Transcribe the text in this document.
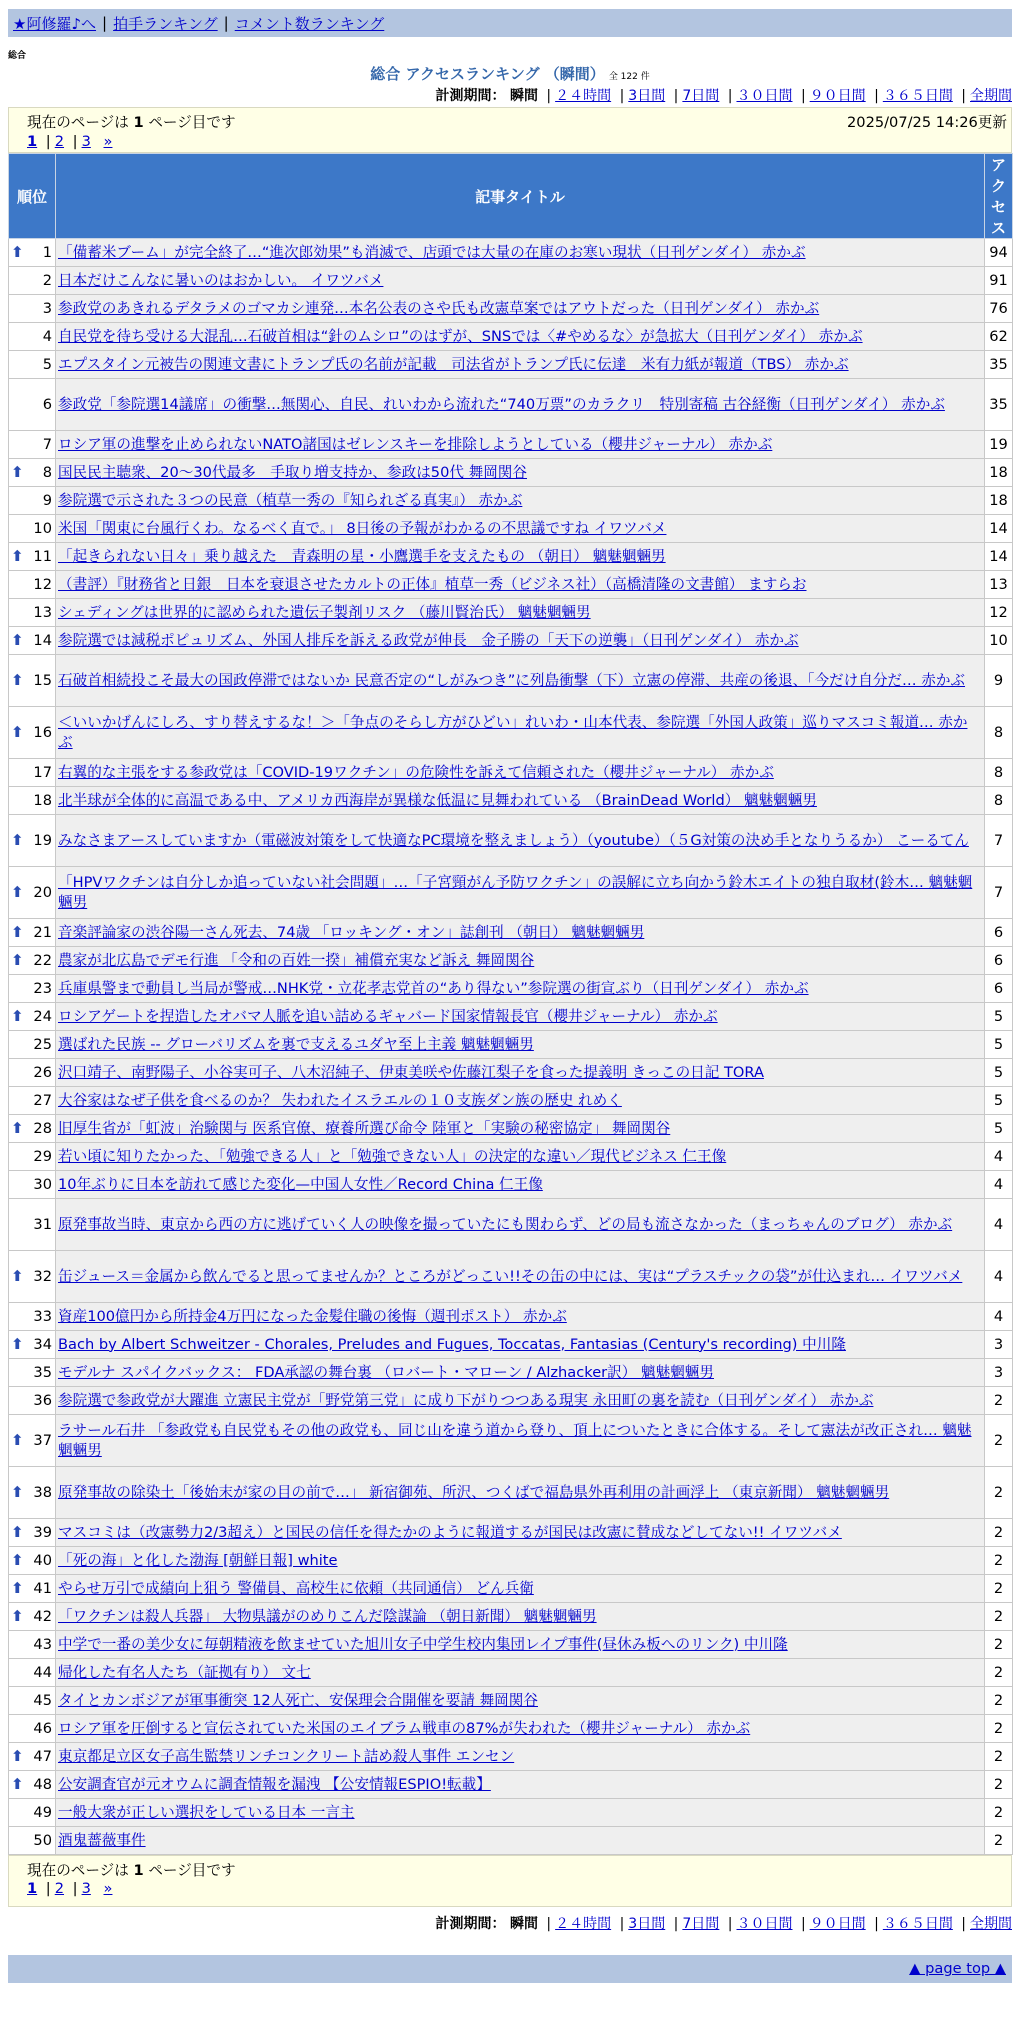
★阿修羅♪へ | 拍手ランキング | コメント数ランキング
総合
総合 アクセスランキング （瞬間） 全 122 件
計測期間： 瞬間 | ２４時間 | 3日間 | 7日間 | ３０日間 | ９０日間 | ３６５日間 | 全期間
現在のページは 1 ページ目です	2025/07/25 14:26更新
1 | 2 | 3 »
順位	記事タイトル	アクセス

⬆ 1	「備蓄米ブーム」が完全終了…“進次郎効果”も消滅で、店頭では大量の在庫のお寒い現状（日刊ゲンダイ） 赤かぶ	94
2	日本だけこんなに暑いのはおかしい。 イワツバメ	91
3	参政党のあきれるデタラメのゴマカシ連発…本名公表のさや氏も改憲草案ではアウトだった（日刊ゲンダイ） 赤かぶ	76
4	自民党を待ち受ける大混乱…石破首相は“針のムシロ”のはずが、SNSでは〈#やめるな〉が急拡大（日刊ゲンダイ） 赤かぶ	62
5	エプスタイン元被告の関連文書にトランプ氏の名前が記載　司法省がトランプ氏に伝達　米有力紙が報道（TBS） 赤かぶ	35
6	参政党「参院選14議席」の衝撃…無関心、自民、れいわから流れた“740万票”のカラクリ　特別寄稿 古谷経衡（日刊ゲンダイ） 赤かぶ	35
7	ロシア軍の進撃を止められないNATO諸国はゼレンスキーを排除しようとしている（櫻井ジャーナル） 赤かぶ	19

⬆ 8	国民民主聴衆、20～30代最多　手取り増支持か、参政は50代 舞岡関谷	18
9	参院選で示された３つの民意（植草一秀の『知られざる真実』） 赤かぶ	18
10	米国「関東に台風行くわ。なるべく直で。」 8日後の予報がわかるの不思議ですね イワツバメ	14

⬆ 11	「起きられない日々」乗り越えた　青森明の星・小鷹選手を支えたもの （朝日） 魑魅魍魎男	14
12	（書評）『財務省と日銀　日本を衰退させたカルトの正体』植草一秀（ビジネス社）（高橋清隆の文書館） ますらお	13
13	シェディングは世界的に認められた遺伝子製剤リスク （藤川賢治氏） 魑魅魍魎男	12

⬆ 14	参院選では減税ポピュリズム、外国人排斥を訴える政党が伸長　金子勝の「天下の逆襲」（日刊ゲンダイ） 赤かぶ	10

⬆ 15	石破首相続投こそ最大の国政停滞ではないか 民意否定の“しがみつき”に列島衝撃（下）立憲の停滞、共産の後退、「今だけ自分だ… 赤かぶ	9

⬆ 16	＜いいかげんにしろ、すり替えするな！＞「争点のそらし方がひどい」れいわ・山本代表、参院選「外国人政策」巡りマスコミ報道… 赤かぶ	8
17	右翼的な主張をする参政党は「COVID-19ワクチン」の危険性を訴えて信頼された（櫻井ジャーナル） 赤かぶ	8
18	北半球が全体的に高温である中、アメリカ西海岸が異様な低温に見舞われている （BrainDead World） 魑魅魍魎男	8

⬆ 19	みなさまアースしていますか（電磁波対策をして快適なPC環境を整えましょう）（youtube）（５G対策の決め手となりうるか） こーるてん	7

⬆ 20	「HPVワクチンは自分しか追っていない社会問題」…「子宮頸がん予防ワクチン」の誤解に立ち向かう鈴木エイトの独自取材(鈴木… 魑魅魍魎男	7

⬆ 21	音楽評論家の渋谷陽一さん死去、74歳 「ロッキング・オン」誌創刊 （朝日） 魑魅魍魎男	6

⬆ 22	農家が北広島でデモ行進 「令和の百姓一揆」補償充実など訴え 舞岡関谷	6
23	兵庫県警まで動員し当局が警戒…NHK党・立花孝志党首の“あり得ない”参院選の街宣ぶり（日刊ゲンダイ） 赤かぶ	6

⬆ 24	ロシアゲートを捏造したオバマ人脈を追い詰めるギャバード国家情報長官（櫻井ジャーナル） 赤かぶ	5
25	選ばれた民族 -- グローバリズムを裏で支えるユダヤ至上主義 魑魅魍魎男	5
26	沢口靖子、南野陽子、小谷実可子、八木沼純子、伊東美咲や佐藤江梨子を食った提義明 きっこの日記 TORA	5
27	大谷家はなぜ子供を食べるのか？ 失われたイスラエルの１０支族ダン族の歴史 れめく	5

⬆ 28	旧厚生省が「虹波」治験関与 医系官僚、療養所選び命令 陸軍と「実験の秘密協定」 舞岡関谷	5
29	若い頃に知りたかった、「勉強できる人」と「勉強できない人」の決定的な違い／現代ビジネス 仁王像	4
30	10年ぶりに日本を訪れて感じた変化—中国人女性／Record China 仁王像	4
31	原発事故当時、東京から西の方に逃げていく人の映像を撮っていたにも関わらず、どの局も流さなかった（まっちゃんのブログ） 赤かぶ	4

⬆ 32	缶ジュース＝金属から飲んでると思ってませんか？ところがどっこい!!その缶の中には、実は“プラスチックの袋”が仕込まれ… イワツバメ	4
33	資産100億円から所持金4万円になった金髪住職の後悔（週刊ポスト） 赤かぶ	4

⬆ 34	Bach by Albert Schweitzer - Chorales, Preludes and Fugues, Toccatas, Fantasias (Century's recording) 中川隆	3
35	モデルナ スパイクバックス： FDA承認の舞台裏 （ロバート・マローン / Alzhacker訳） 魑魅魍魎男	3
36	参院選で参政党が大躍進 立憲民主党が「野党第三党」に成り下がりつつある現実 永田町の裏を読む（日刊ゲンダイ） 赤かぶ	2

⬆ 37	ラサール石井 「参政党も自民党もその他の政党も、同じ山を違う道から登り、頂上についたときに合体する。そして憲法が改正され… 魑魅魍魎男	2

⬆ 38	原発事故の除染土「後始末が家の目の前で…」 新宿御苑、所沢、つくばで福島県外再利用の計画浮上 （東京新聞） 魑魅魍魎男	2

⬆ 39	マスコミは（改憲勢力2/3超え）と国民の信任を得たかのように報道するが国民は改憲に賛成などしてない!! イワツバメ	2

⬆ 40	「死の海」と化した渤海 [朝鮮日報] white	2

⬆ 41	やらせ万引で成績向上狙う 警備員、高校生に依頼（共同通信） どん兵衛	2

⬆ 42	「ワクチンは殺人兵器」 大物県議がのめりこんだ陰謀論 （朝日新聞） 魑魅魍魎男	2
43	中学で一番の美少女に毎朝精液を飲ませていた旭川女子中学生校内集団レイプ事件(昼休み板へのリンク) 中川隆	2
44	帰化した有名人たち（証拠有り） 文七	2
45	タイとカンボジアが軍事衝突 12人死亡、安保理会合開催を要請 舞岡関谷	2
46	ロシア軍を圧倒すると宣伝されていた米国のエイブラム戦車の87%が失われた（櫻井ジャーナル） 赤かぶ	2

⬆ 47	東京都足立区女子高生監禁リンチコンクリート詰め殺人事件 エンセン	2

⬆ 48	公安調査官が元オウムに調査情報を漏洩 【公安情報ESPIO!転載】	2
49	一般大衆が正しい選択をしている日本 一言主	2
50	酒鬼薔薇事件	2
現在のページは 1 ページ目です
1 | 2 | 3 »
計測期間： 瞬間 | ２４時間 | 3日間 | 7日間 | ３０日間 | ９０日間 | ３６５日間 | 全期間
▲ page top ▲
